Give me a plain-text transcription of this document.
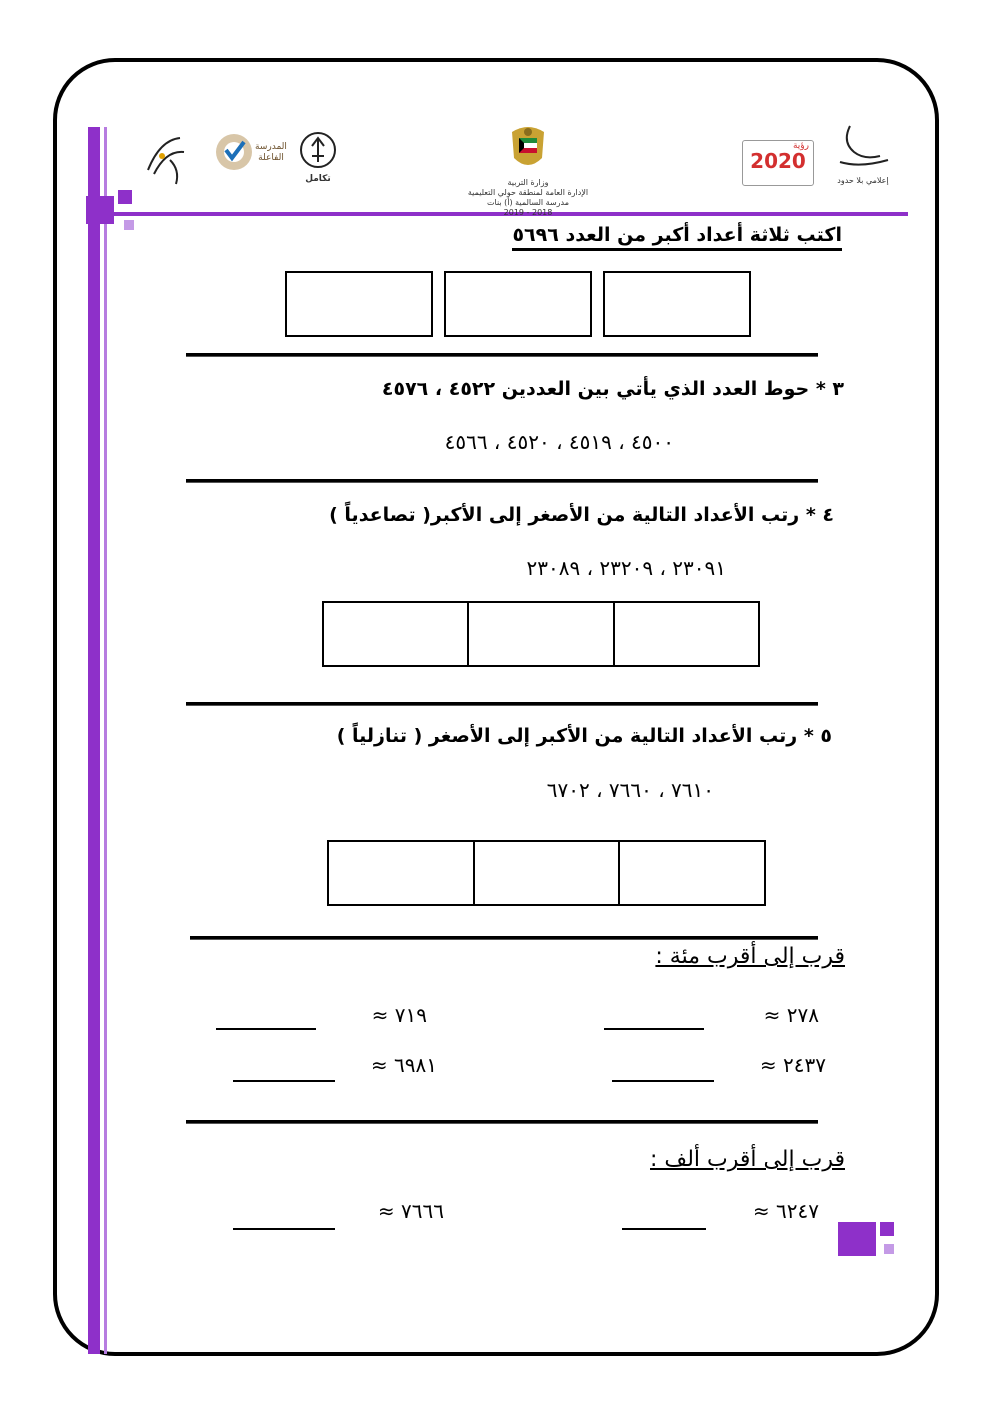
المدرسة الفاعلة
تكامل	وزارة التربية
الإدارة العامة لمنطقة حولي التعليمية
مدرسة السالمية (أ) بنات
2018 - 2019
رؤية
2020
إعلامي بلا حدود
اكتب ثلاثة أعداد أكبر من العدد ٥٦٩٦
٣ * حوط العدد الذي يأتي بين العددين ٤٥٢٢ ، ٤٥٧٦
٤٥٠٠ ، ٤٥١٩ ، ٤٥٢٠ ، ٤٥٦٦
٤ * رتب الأعداد التالية من الأصغر إلى الأكبر( تصاعدياً )
٢٣٠٩١ ، ٢٣٢٠٩ ، ٢٣٠٨٩
٥ * رتب الأعداد التالية من الأكبر إلى الأصغر ( تنازلياً )
٧٦١٠ ، ٧٦٦٠ ، ٦٧٠٢
قرب إلى أقرب مئة :
٢٧٨ ≈
٧١٩ ≈
٢٤٣٧ ≈
٦٩٨١ ≈
قرب إلى أقرب ألف :
٦٢٤٧ ≈
٧٦٦٦ ≈
